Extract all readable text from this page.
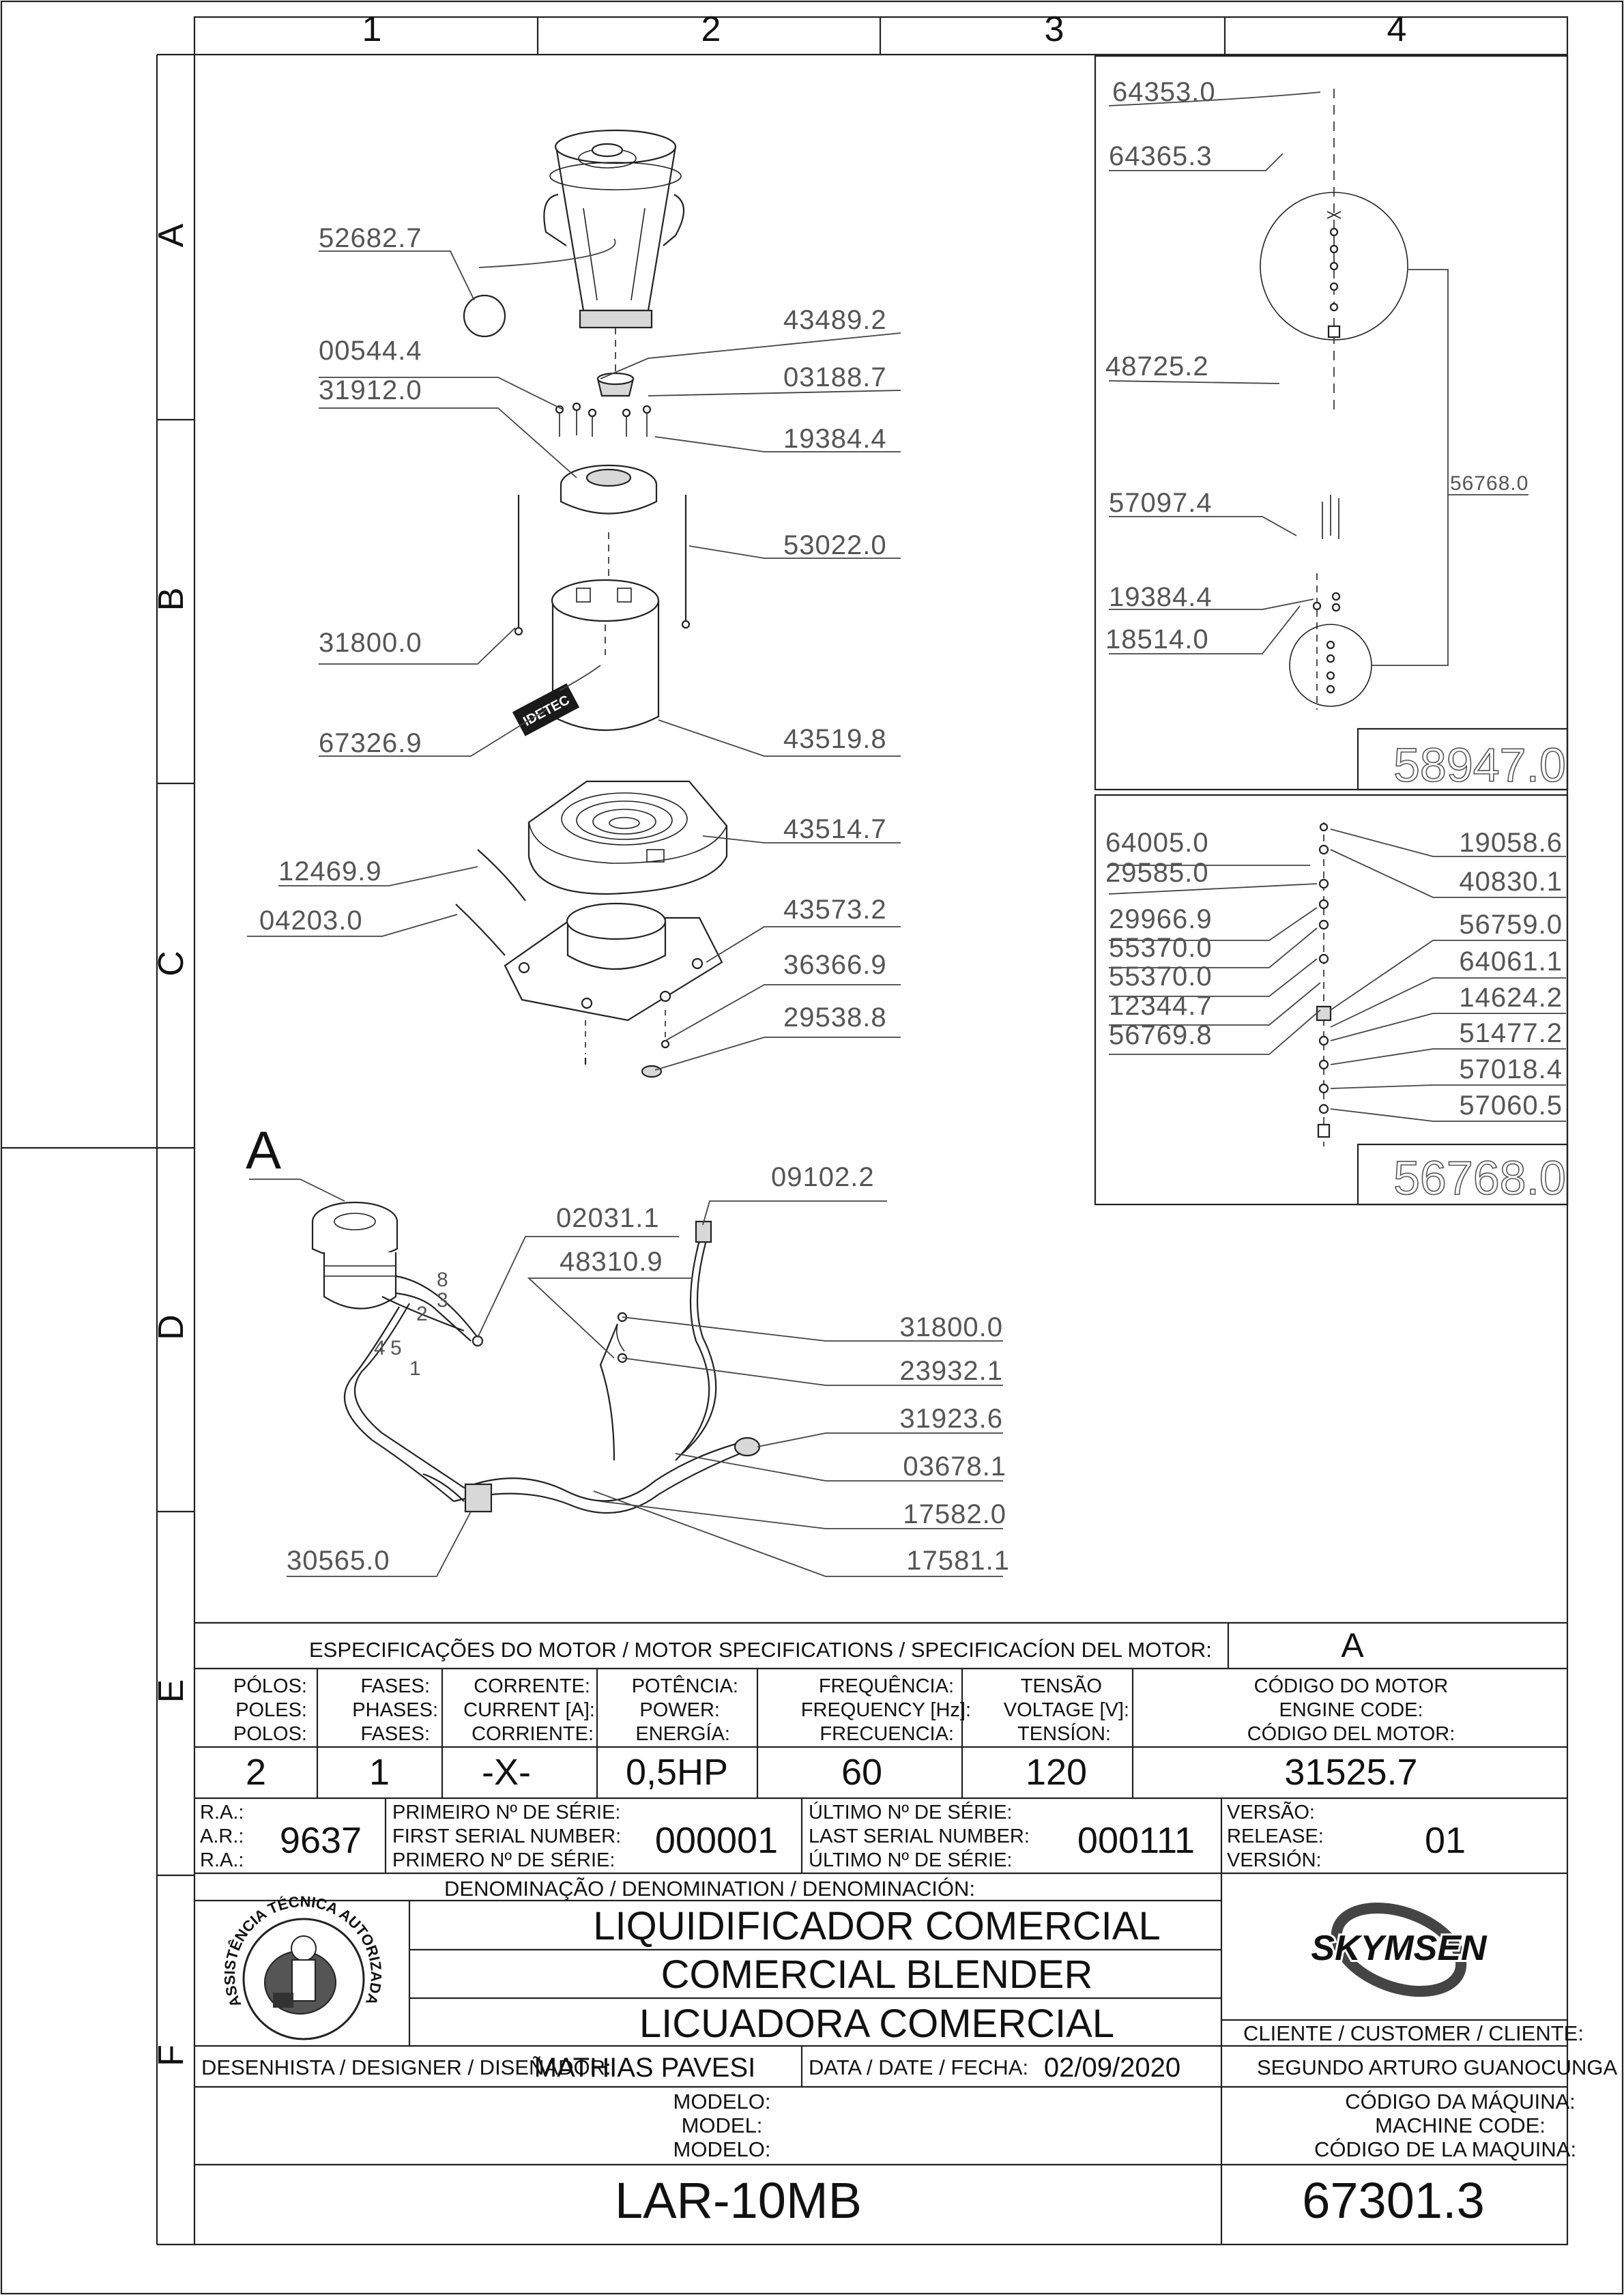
1	2	3	4
A
B
C
D
E
F
IDETEC
52682.7
43489.2
03188.7
00544.4
31912.0
19384.4
53022.0
31800.0
67326.9	43519.8
43514.7
12469.9
04203.0	43573.2
36366.9
29538.8
58947.0
64353.0
64365.3
48725.2
57097.4
19384.4
18514.0
56768.0
56768.0
64005.0
29585.0
29966.9
55370.0
55370.0
12344.7
56769.8
19058.6
40830.1
56759.0
64061.1
14624.2
51477.2
57018.4
57060.5
A
8
2
3
4 5
1
09102.2
02031.1
48310.9
31800.0
23932.1
31923.6
03678.1
17582.0
17581.1
30565.0
ESPECIFICAÇÕES DO MOTOR / MOTOR SPECIFICATIONS / SPECIFICACÍON DEL MOTOR:	A
PÓLOS:
POLES:
POLOS:
2
FASES:
PHASES:
FASES:
1
CORRENTE:
CURRENT [A]:
CORRIENTE:
-X-
POTÊNCIA:
POWER:
ENERGÍA:
0,5HP
FREQUÊNCIA:
FREQUENCY [Hz]:
FRECUENCIA:
60
TENSÃO
VOLTAGE [V]:
TENSÍON:
120
CÓDIGO DO MOTOR
ENGINE CODE:
CÓDIGO DEL MOTOR:
31525.7
R.A.:
A.R.:
R.A.: 9637
PRIMEIRO Nº DE SÉRIE:
FIRST SERIAL NUMBER:
PRIMERO Nº DE SÉRIE: 000001
ÚLTIMO Nº DE SÉRIE:
LAST SERIAL NUMBER:
ÚLTIMO Nº DE SÉRIE: 000111
VERSÃO:
RELEASE:
VERSIÓN:	01
DENOMINAÇÃO / DENOMINATION / DENOMINACIÓN:
LIQUIDIFICADOR COMERCIAL
COMERCIAL BLENDER
LICUADORA COMERCIAL
ASSISTÊNCIA TÉCNICA AUTORIZADA
SKYMSEN
CLIENTE / CUSTOMER / CLIENTE:
SEGUNDO ARTURO GUANOCUNGA
DESENHISTA / DESIGNER / DISEÑADOR:
MATHIAS PAVESI	DATA / DATE / FECHA: 02/09/2020
MODELO:
MODEL:
MODELO:
LAR-10MB
CÓDIGO DA MÁQUINA:
MACHINE CODE:
CÓDIGO DE LA MAQUINA:
67301.3
